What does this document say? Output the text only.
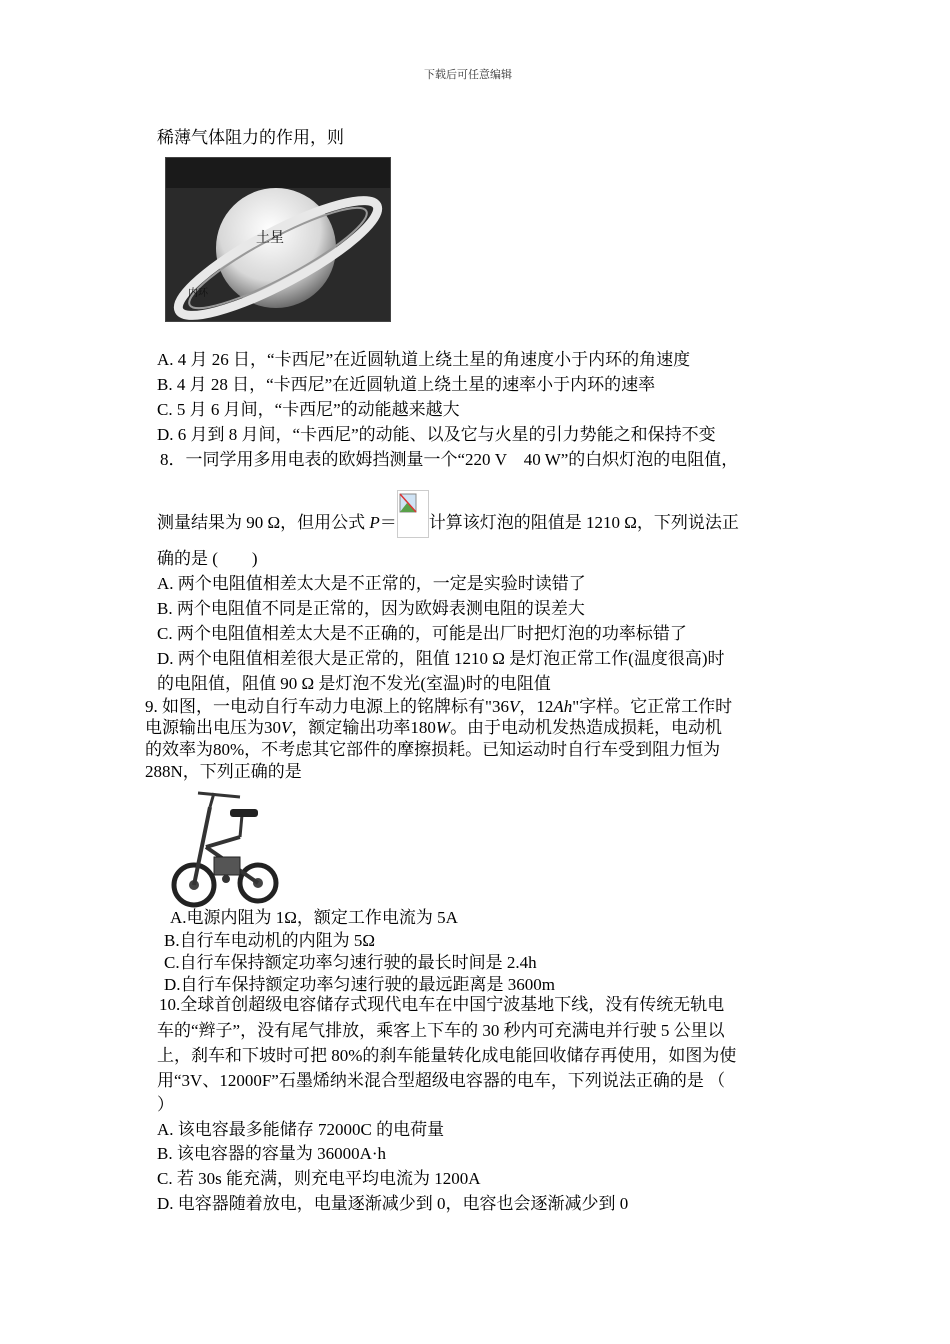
下载后可任意编辑
稀薄气体阻力的作用，则
土星
内环
A. 4 月 26 日，“卡西尼”在近圆轨道上绕土星的角速度小于内环的角速度
B. 4 月 28 日，“卡西尼”在近圆轨道上绕土星的速率小于内环的速率
C. 5 月 6 月间，“卡西尼”的动能越来越大
D. 6 月到 8 月间，“卡西尼”的动能、以及它与火星的引力势能之和保持不变
8．一同学用多用电表的欧姆挡测量一个“220 V　40 W”的白炽灯泡的电阻值，
测量结果为 90 Ω，但用公式 P＝ 计算该灯泡的阻值是 1210 Ω，下列说法正
确的是 (　　)
A. 两个电阻值相差太大是不正常的，一定是实验时读错了
B. 两个电阻值不同是正常的，因为欧姆表测电阻的误差大
C. 两个电阻值相差太大是不正确的，可能是出厂时把灯泡的功率标错了
D. 两个电阻值相差很大是正常的，阻值 1210 Ω 是灯泡正常工作(温度很高)时
的电阻值，阻值 90 Ω 是灯泡不发光(室温)时的电阻值
9. 如图，一电动自行车动力电源上的铭牌标有"36V，12Ah"字样。它正常工作时
电源输出电压为30V，额定输出功率180W。由于电动机发热造成损耗，电动机
的效率为80%，不考虑其它部件的摩擦损耗。已知运动时自行车受到阻力恒为
288N，下列正确的是
A.电源内阻为 1Ω，额定工作电流为 5A
B.自行车电动机的内阻为 5Ω
C.自行车保持额定功率匀速行驶的最长时间是 2.4h
D.自行车保持额定功率匀速行驶的最远距离是 3600m
10.全球首创超级电容储存式现代电车在中国宁波基地下线，没有传统无轨电
车的“辫子”，没有尾气排放，乘客上下车的 30 秒内可充满电并行驶 5 公里以
上，刹车和下坡时可把 80%的刹车能量转化成电能回收储存再使用，如图为使
用“3V、12000F”石墨烯纳米混合型超级电容器的电车，下列说法正确的是 （
）
A. 该电容最多能储存 72000C 的电荷量
B. 该电容器的容量为 36000A·h
C. 若 30s 能充满，则充电平均电流为 1200A
D. 电容器随着放电，电量逐渐减少到 0，电容也会逐渐减少到 0
